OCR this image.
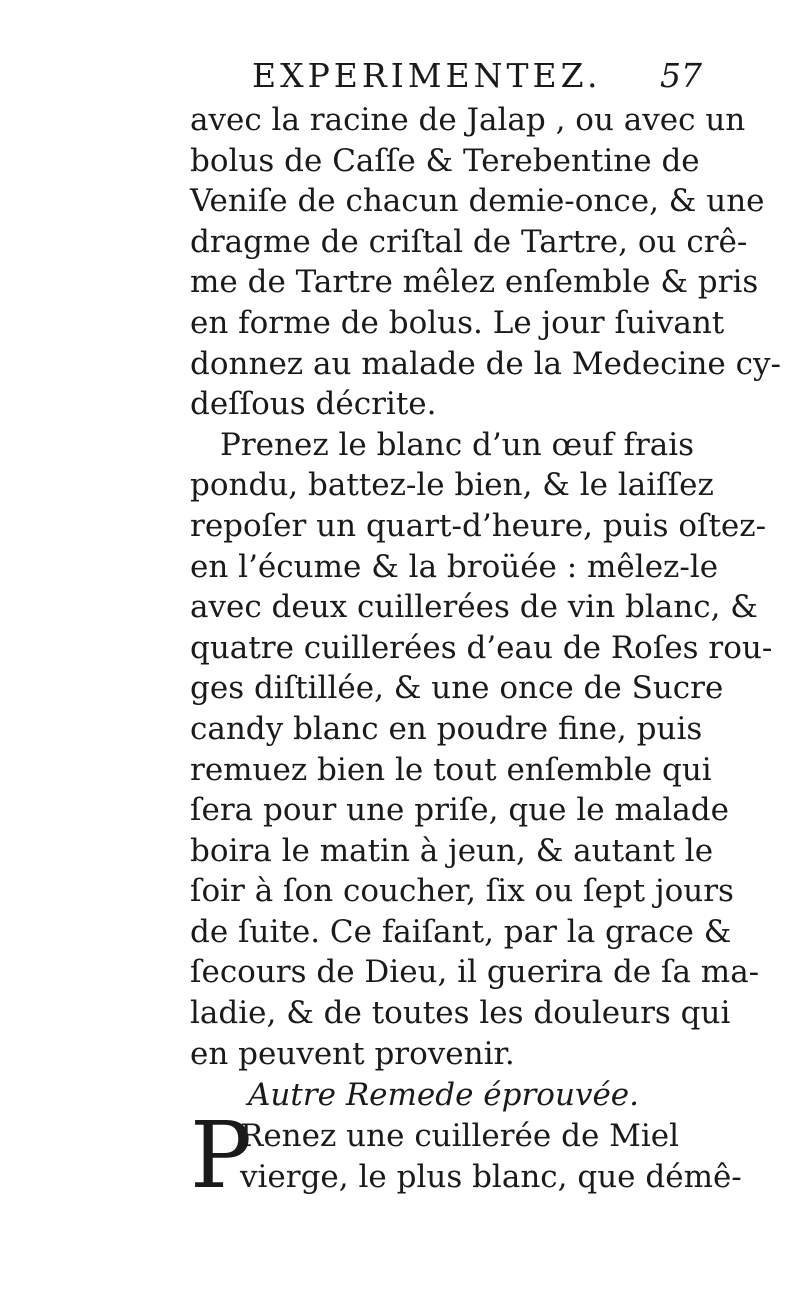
EXPERIMENTEZ. 57
avec la racine de Jalap , ou avec un
bolus de Caſſe & Terebentine de
Veniſe de chacun demie-once, & une
dragme de criſtal de Tartre, ou crê-
me de Tartre mêlez enſemble & pris
en forme de bolus. Le jour ſuivant
donnez au malade de la Medecine cy-
deſſous décrite.
Prenez le blanc d’un œuf frais
pondu, battez-le bien, & le laiſſez
repoſer un quart-d’heure, puis oſtez-
en l’écume & la broüée : mêlez-le
avec deux cuillerées de vin blanc, &
quatre cuillerées d’eau de Roſes rou-
ges diſtillée, & une once de Sucre
candy blanc en poudre fine, puis
remuez bien le tout enſemble qui
ſera pour une priſe, que le malade
boira le matin à jeun, & autant le
ſoir à ſon coucher, ſix ou ſept jours
de ſuite. Ce faiſant, par la grace &
ſecours de Dieu, il guerira de ſa ma-
ladie, & de toutes les douleurs qui
en peuvent provenir.
Autre Remede éprouvée.
P
Renez une cuillerée de Miel
vierge, le plus blanc, que démê-
